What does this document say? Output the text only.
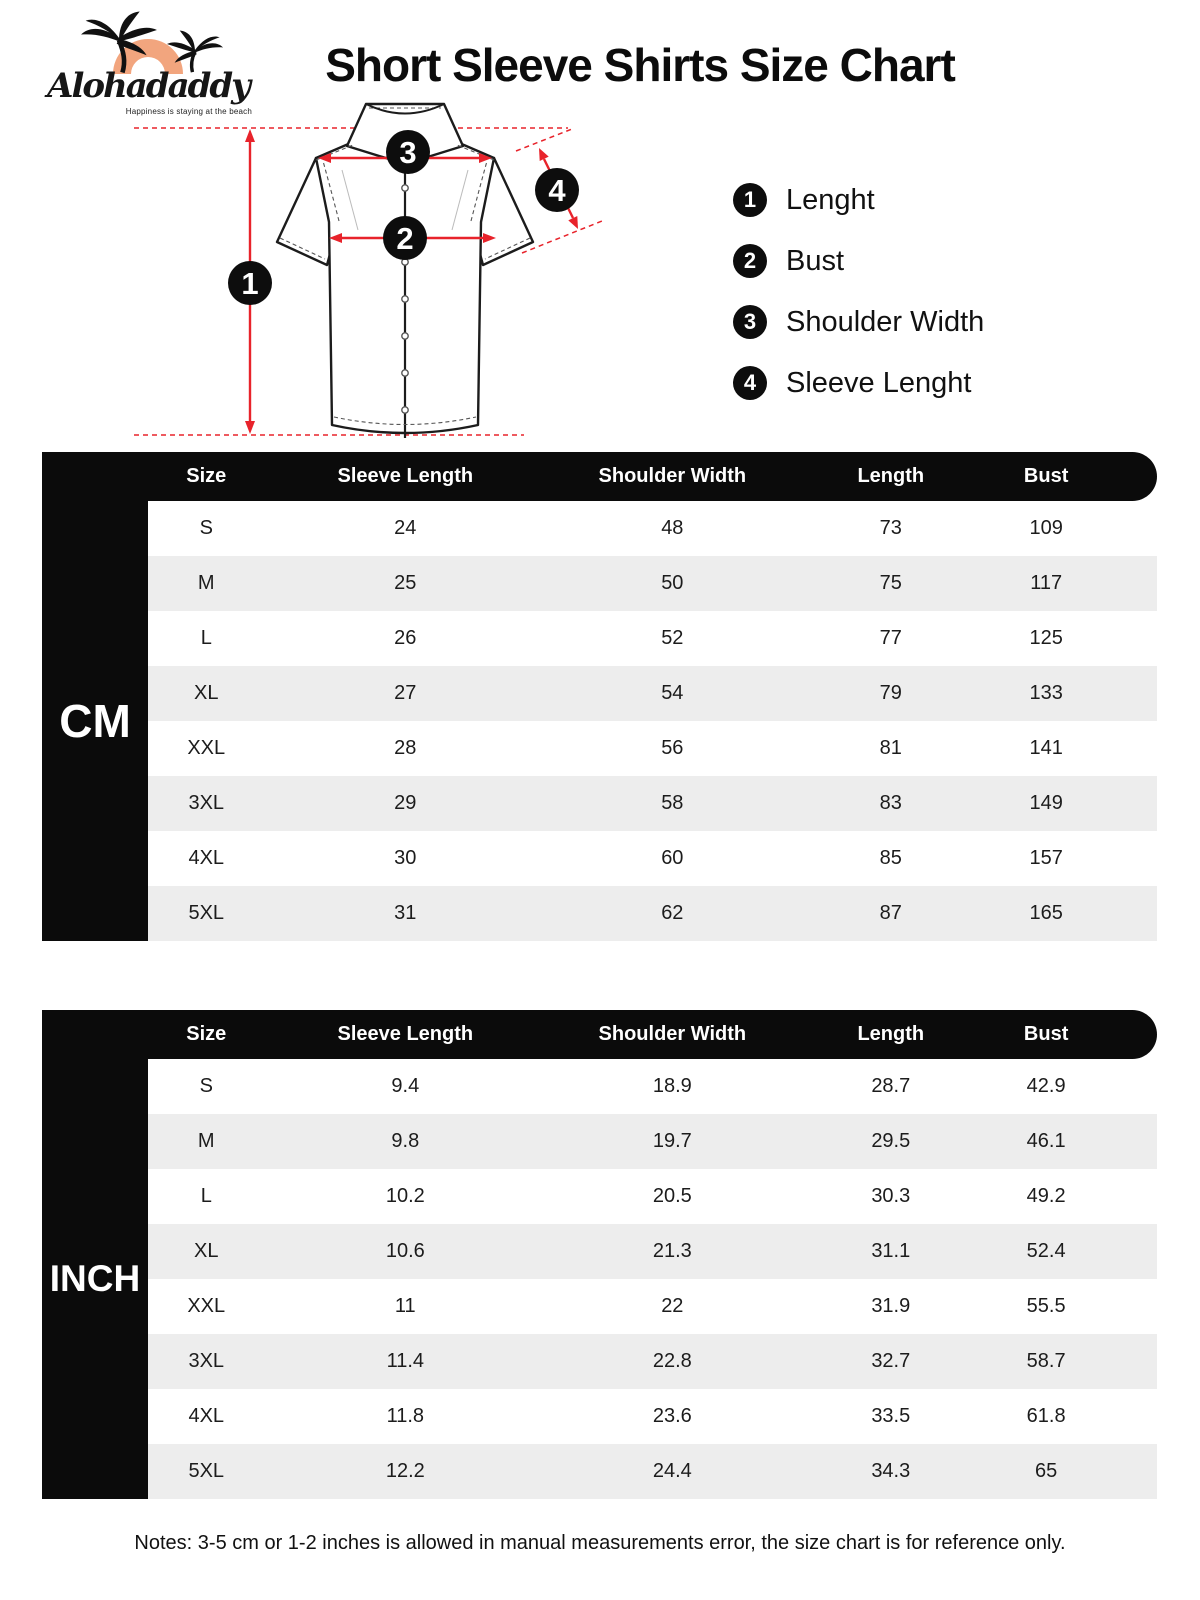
Alohadaddy
Happiness is staying at the beach
Short Sleeve Shirts Size Chart
1
2
3
4	1	Lenght
2	Bust
3	Shoulder Width
4	Sleeve Lenght
Size	Sleeve Length	Shoulder Width	Length	Bust
CM
S	24	48	73	109
M	25	50	75	117
L	26	52	77	125
XL	27	54	79	133
XXL	28	56	81	141
3XL	29	58	83	149
4XL	30	60	85	157
5XL	31	62	87	165
Size	Sleeve Length	Shoulder Width	Length	Bust
INCH
S	9.4	18.9	28.7	42.9
M	9.8	19.7	29.5	46.1
L	10.2	20.5	30.3	49.2
XL	10.6	21.3	31.1	52.4
XXL	11	22	31.9	55.5
3XL	11.4	22.8	32.7	58.7
4XL	11.8	23.6	33.5	61.8
5XL	12.2	24.4	34.3	65

Notes: 3-5 cm or 1-2 inches is allowed in manual measurements error, the size chart is for reference only.
